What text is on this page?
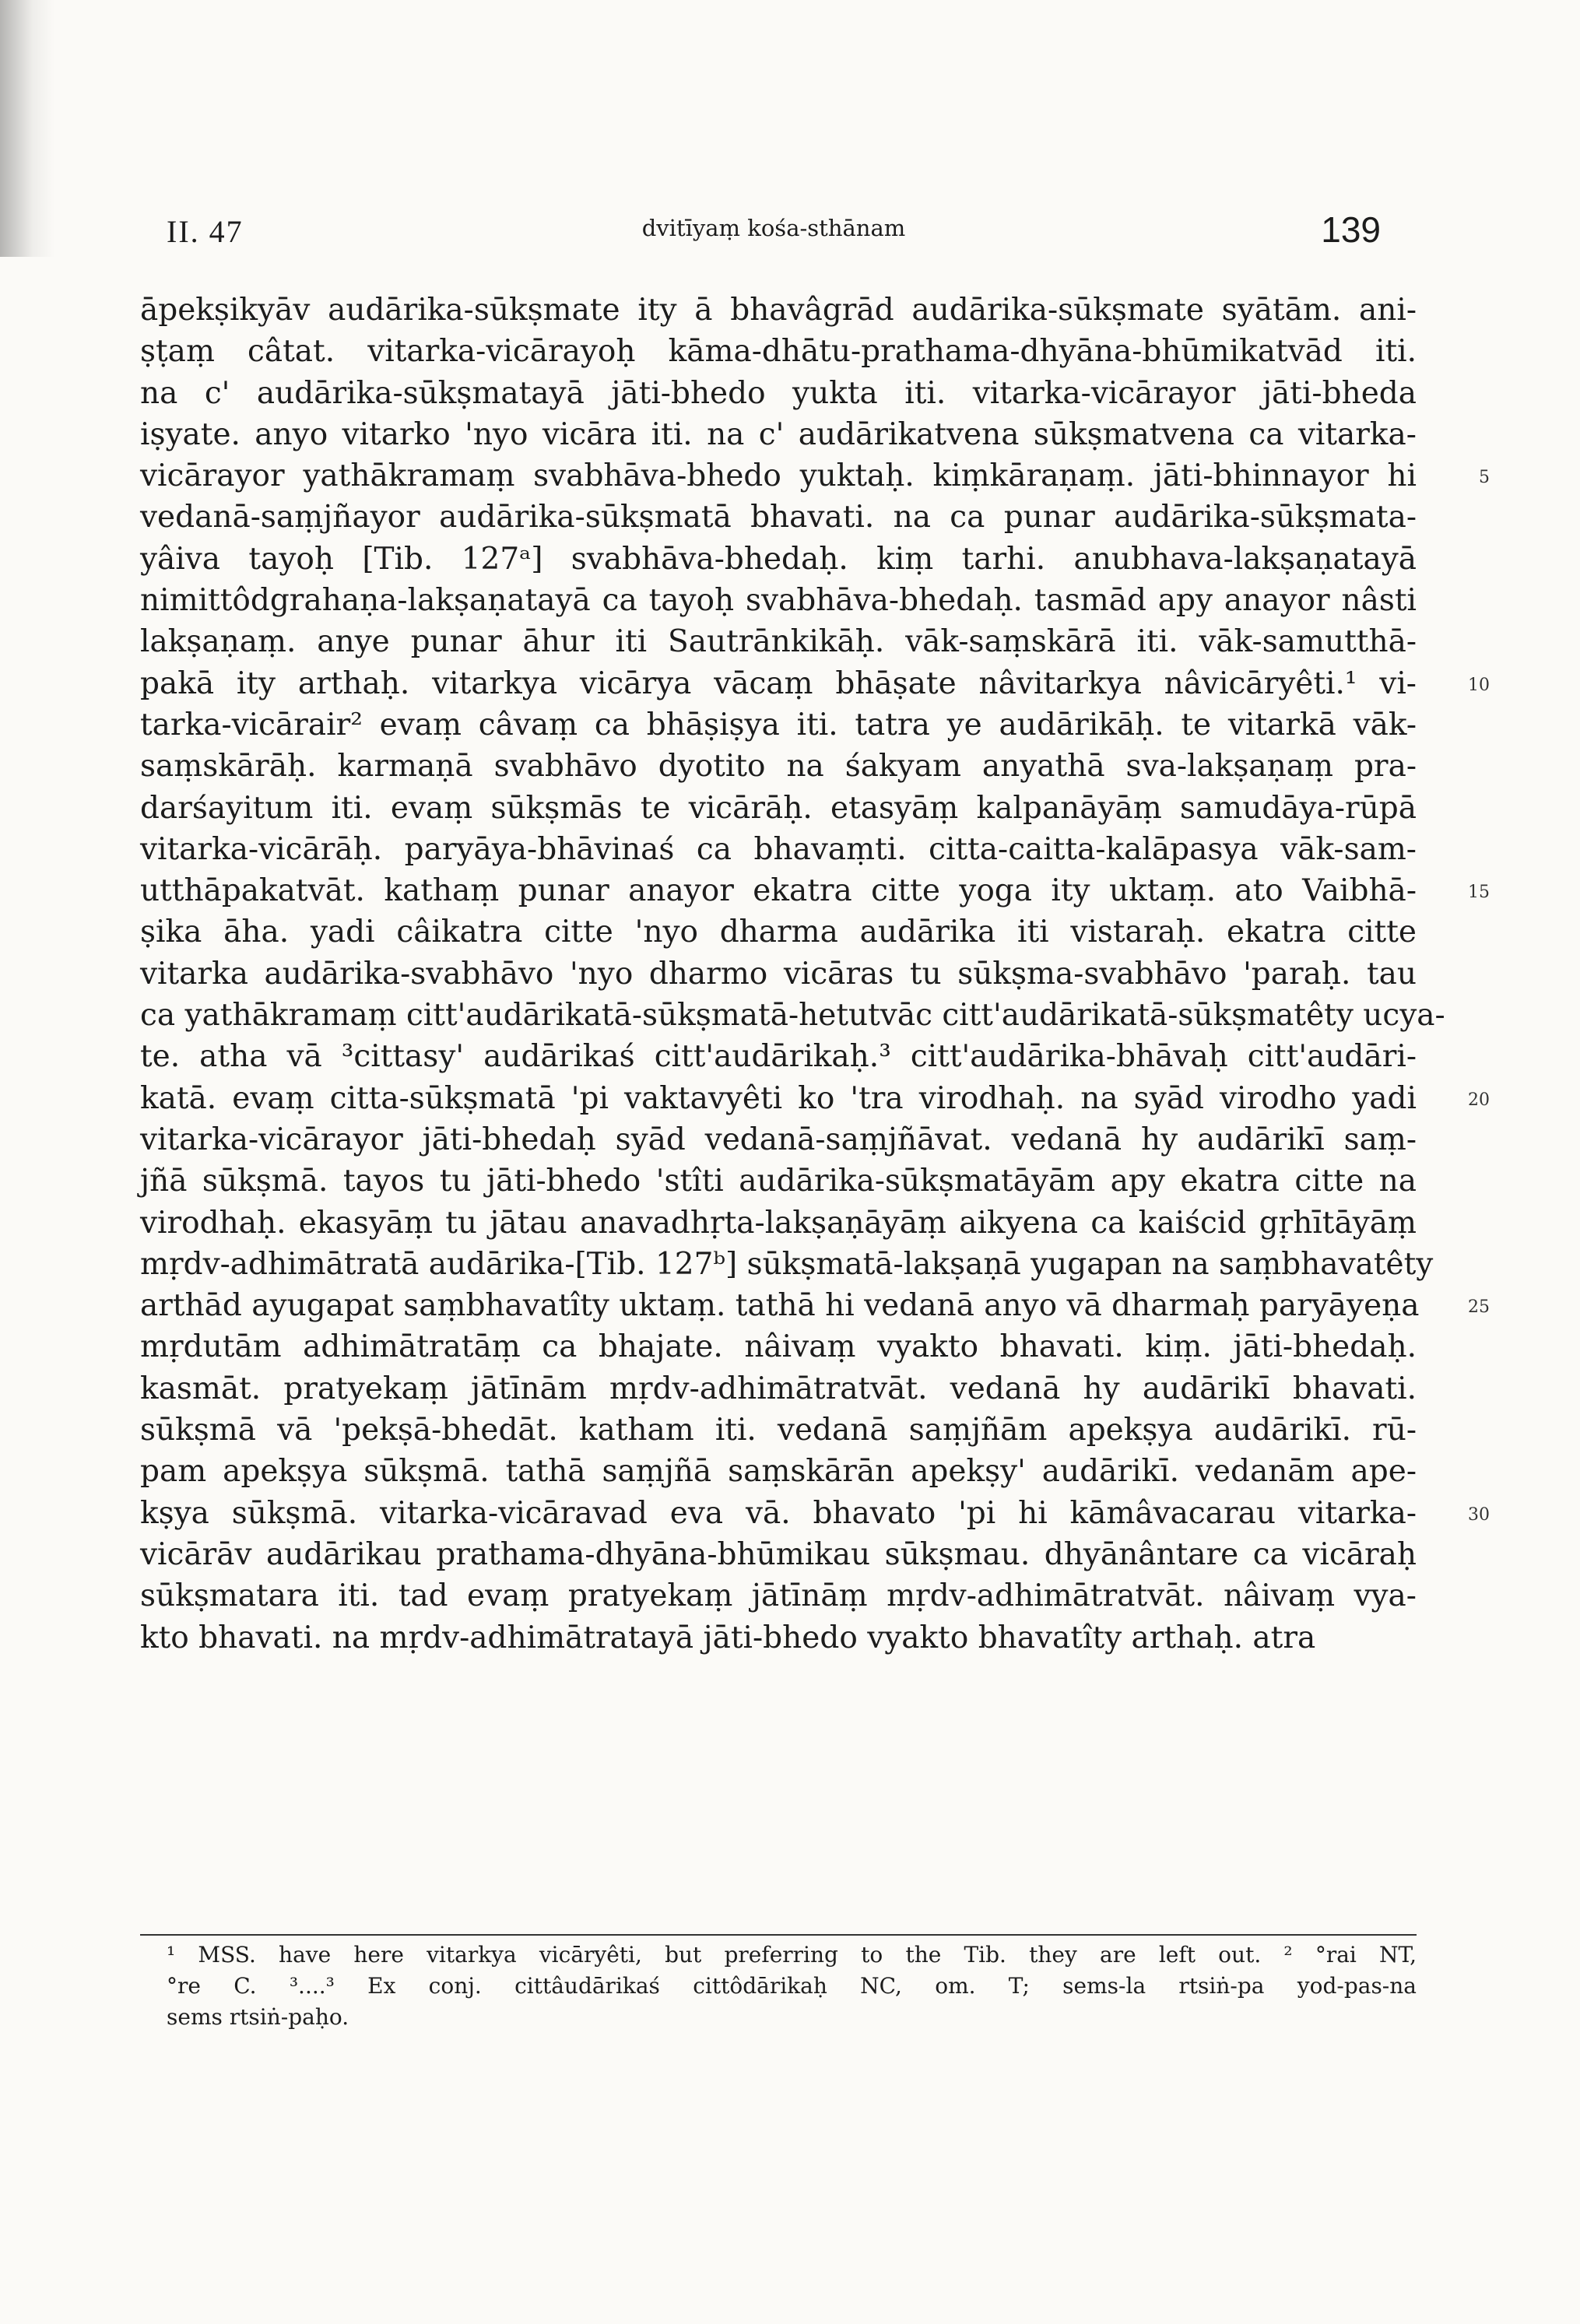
II. 47	dvitīyaṃ kośa-sthānam	139
āpekṣikyāv audārika-sūkṣmate ity ā bhavâgrād audārika-sūkṣmate syātām. ani-
ṣṭaṃ câtat. vitarka-vicārayoḥ kāma-dhātu-prathama-dhyāna-bhūmikatvād iti.
na c' audārika-sūkṣmatayā jāti-bhedo yukta iti. vitarka-vicārayor jāti-bheda
iṣyate. anyo vitarko 'nyo vicāra iti. na c' audārikatvena sūkṣmatvena ca vitarka-
vicārayor yathākramaṃ svabhāva-bhedo yuktaḥ. kiṃkāraṇaṃ. jāti-bhinnayor hi	5
vedanā-saṃjñayor audārika-sūkṣmatā bhavati. na ca punar audārika-sūkṣmata-
yâiva tayoḥ [Tib. 127ᵃ] svabhāva-bhedaḥ. kiṃ tarhi. anubhava-lakṣaṇatayā
nimittôdgrahaṇa-lakṣaṇatayā ca tayoḥ svabhāva-bhedaḥ. tasmād apy anayor nâsti
lakṣaṇaṃ. anye punar āhur iti Sautrānkikāḥ. vāk-saṃskārā iti. vāk-samutthā-
pakā ity arthaḥ. vitarkya vicārya vācaṃ bhāṣate nâvitarkya nâvicāryêti.¹ vi-	10
tarka-vicārair² evaṃ câvaṃ ca bhāṣiṣya iti. tatra ye audārikāḥ. te vitarkā vāk-
saṃskārāḥ. karmaṇā svabhāvo dyotito na śakyam anyathā sva-lakṣaṇaṃ pra-
darśayitum iti. evaṃ sūkṣmās te vicārāḥ. etasyāṃ kalpanāyāṃ samudāya-rūpā
vitarka-vicārāḥ. paryāya-bhāvinaś ca bhavaṃti. citta-caitta-kalāpasya vāk-sam-
utthāpakatvāt. kathaṃ punar anayor ekatra citte yoga ity uktaṃ. ato Vaibhā-	15
ṣika āha. yadi câikatra citte 'nyo dharma audārika iti vistaraḥ. ekatra citte
vitarka audārika-svabhāvo 'nyo dharmo vicāras tu sūkṣma-svabhāvo 'paraḥ. tau
ca yathākramaṃ citt'audārikatā-sūkṣmatā-hetutvāc citt'audārikatā-sūkṣmatêty ucya-
te. atha vā ³cittasy' audārikaś citt'audārikaḥ.³ citt'audārika-bhāvaḥ citt'audāri-
katā. evaṃ citta-sūkṣmatā 'pi vaktavyêti ko 'tra virodhaḥ. na syād virodho yadi	20
vitarka-vicārayor jāti-bhedaḥ syād vedanā-saṃjñāvat. vedanā hy audārikī saṃ-
jñā sūkṣmā. tayos tu jāti-bhedo 'stîti audārika-sūkṣmatāyām apy ekatra citte na
virodhaḥ. ekasyāṃ tu jātau anavadhṛta-lakṣaṇāyāṃ aikyena ca kaiścid gṛhītāyāṃ
mṛdv-adhimātratā audārika-[Tib. 127ᵇ] sūkṣmatā-lakṣaṇā yugapan na saṃbhavatêty
arthād ayugapat saṃbhavatîty uktaṃ. tathā hi vedanā anyo vā dharmaḥ paryāyeṇa	25
mṛdutām adhimātratāṃ ca bhajate. nâivaṃ vyakto bhavati. kiṃ. jāti-bhedaḥ.
kasmāt. pratyekaṃ jātīnām mṛdv-adhimātratvāt. vedanā hy audārikī bhavati.
sūkṣmā vā 'pekṣā-bhedāt. katham iti. vedanā saṃjñām apekṣya audārikī. rū-
pam apekṣya sūkṣmā. tathā saṃjñā saṃskārān apekṣy' audārikī. vedanām ape-
kṣya sūkṣmā. vitarka-vicāravad eva vā. bhavato 'pi hi kāmâvacarau vitarka-	30
vicārāv audārikau prathama-dhyāna-bhūmikau sūkṣmau. dhyānântare ca vicāraḥ
sūkṣmatara iti. tad evaṃ pratyekaṃ jātīnāṃ mṛdv-adhimātratvāt. nâivaṃ vya-
kto bhavati. na mṛdv-adhimātratayā jāti-bhedo vyakto bhavatîty arthaḥ. atra
¹ MSS. have here vitarkya vicāryêti, but preferring to the Tib. they are left out. ² °rai NT,
°re C. ³....³ Ex conj. cittâudārikaś cittôdārikaḥ NC, om. T; sems-la rtsiṅ-pa yod-pas-na
sems rtsiṅ-paḥo.
